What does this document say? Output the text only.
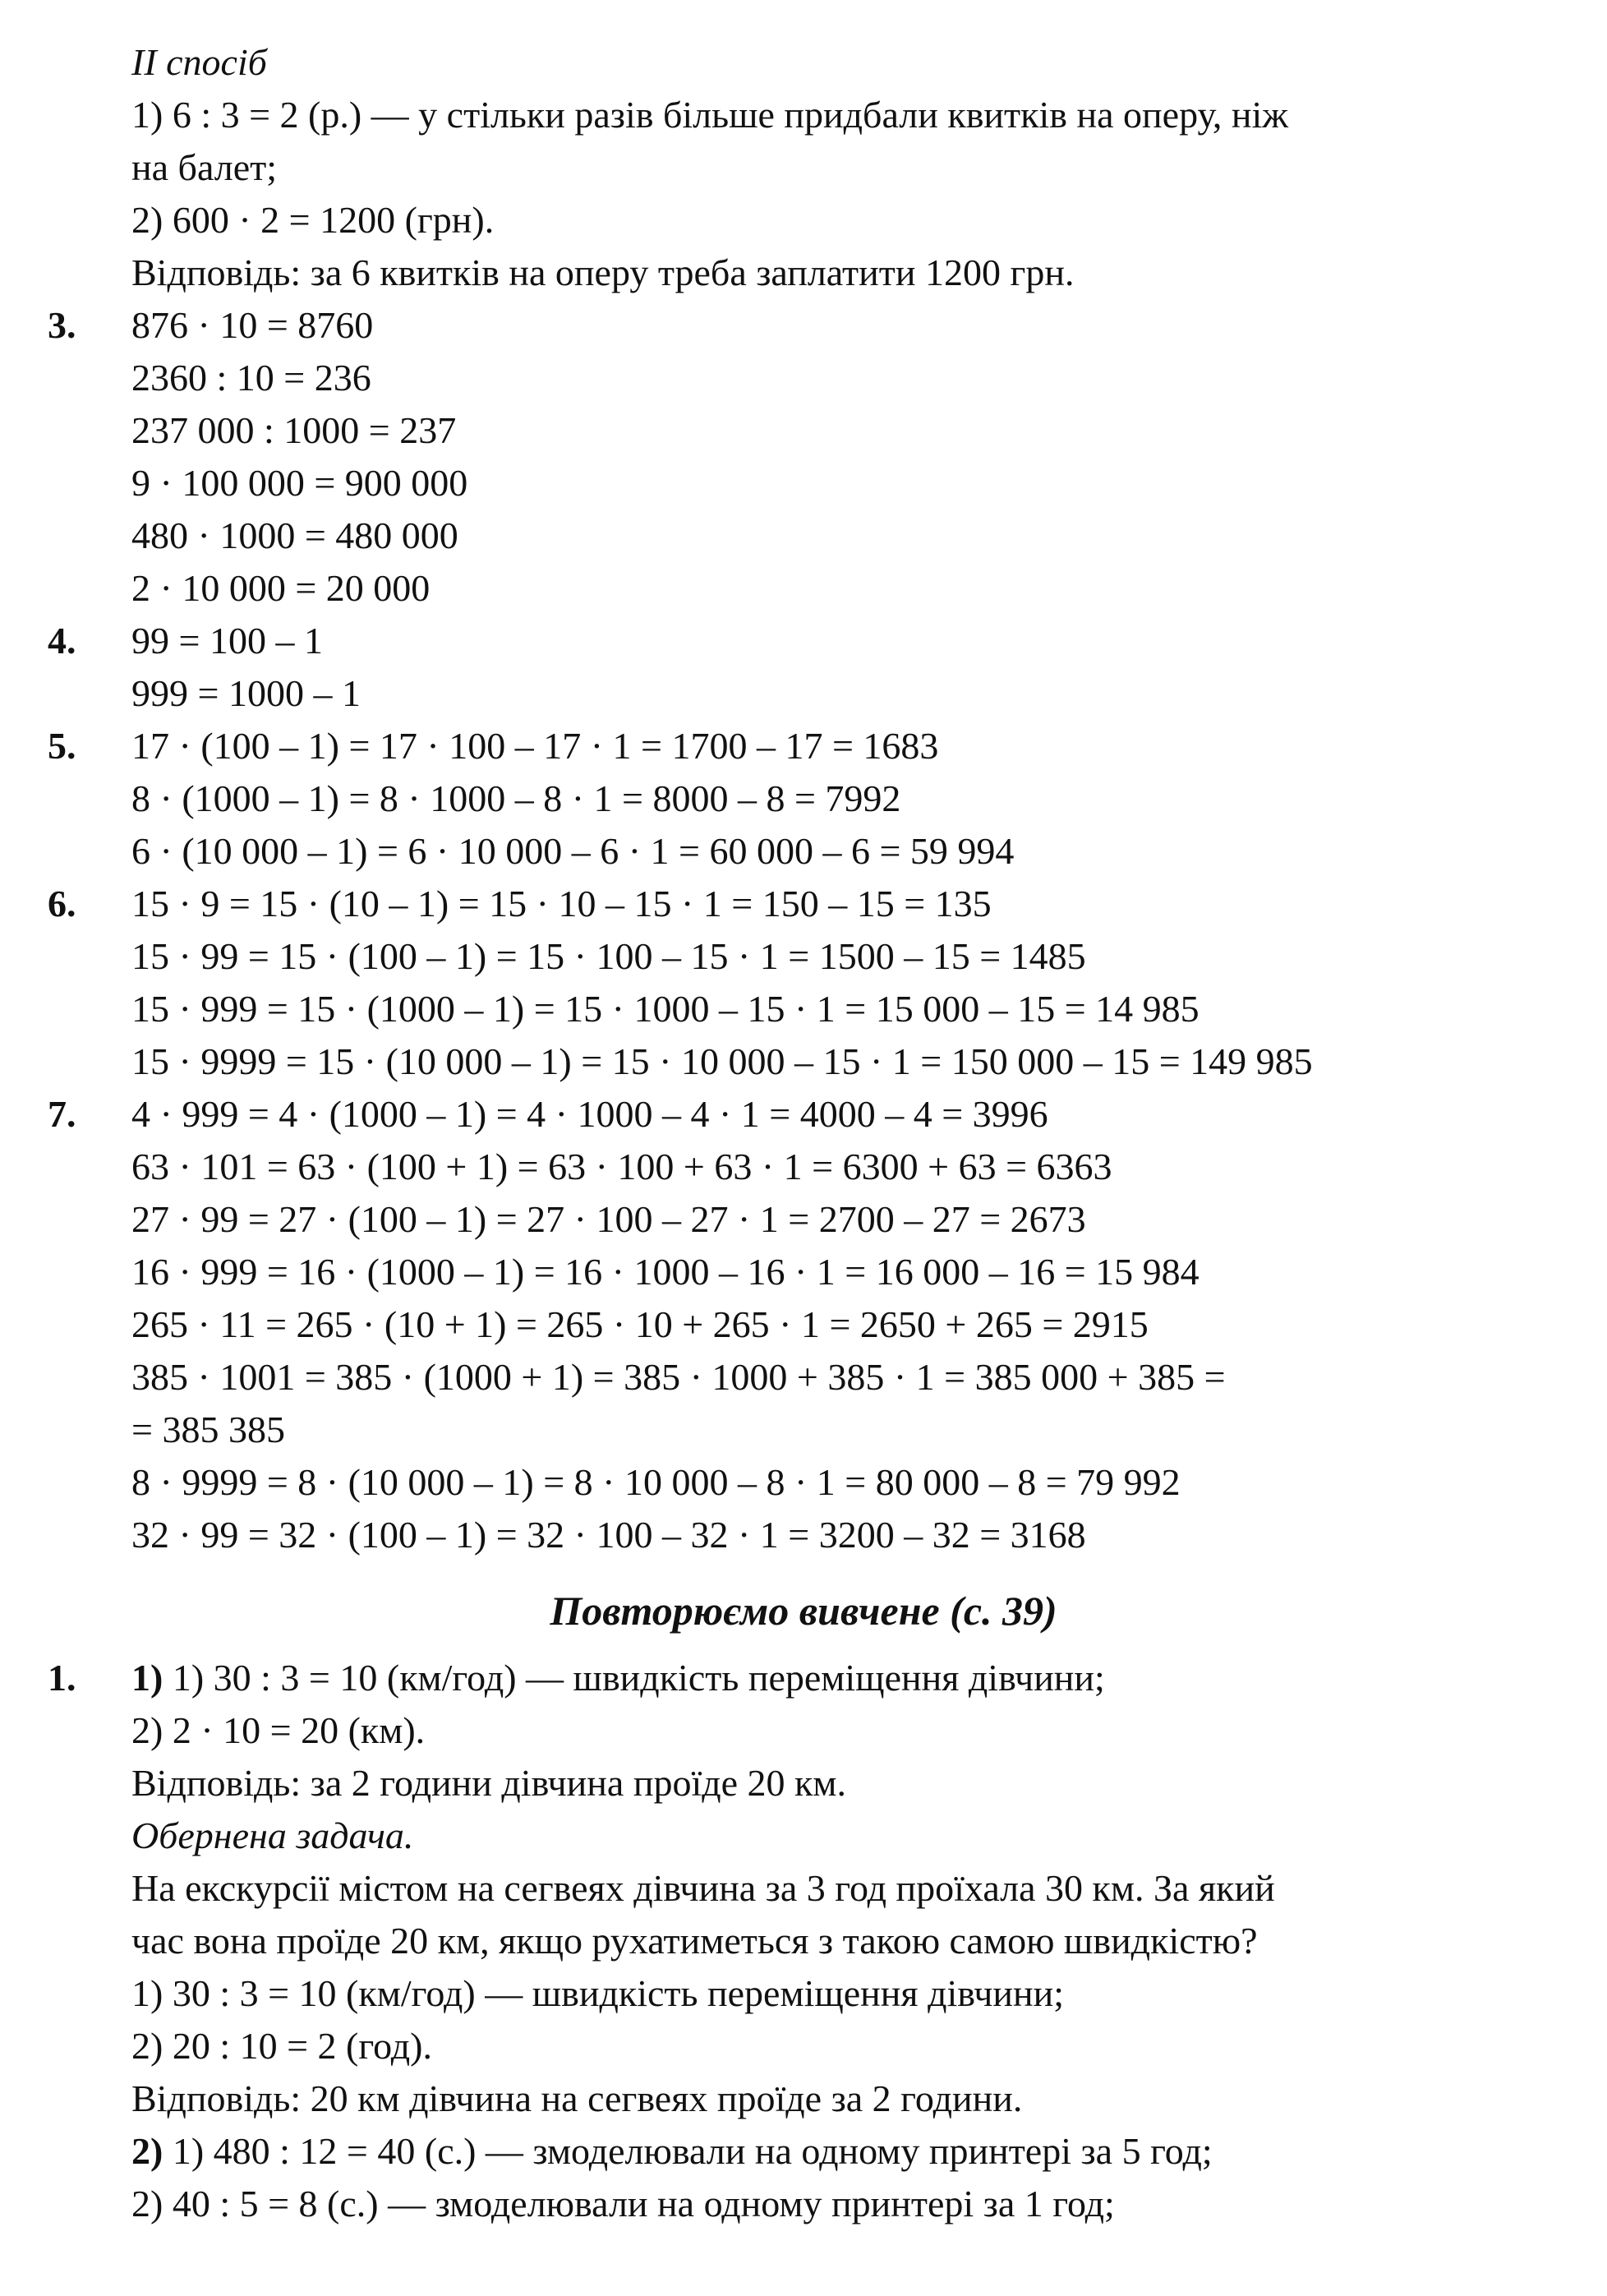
II спосіб
1) 6 : 3 = 2 (р.) — у стільки разів більше придбали квитків на оперу, ніж
на балет;
2) 600 · 2 = 1200 (грн).
Відповідь: за 6 квитків на оперу треба заплатити 1200 грн.
3. 876 · 10 = 8760
2360 : 10 = 236
237 000 : 1000 = 237
9 · 100 000 = 900 000
480 · 1000 = 480 000
2 · 10 000 = 20 000
4. 99 = 100 – 1
999 = 1000 – 1
5. 17 · (100 – 1) = 17 · 100 – 17 · 1 = 1700 – 17 = 1683
8 · (1000 – 1) = 8 · 1000 – 8 · 1 = 8000 – 8 = 7992
6 · (10 000 – 1) = 6 · 10 000 – 6 · 1 = 60 000 – 6 = 59 994
6. 15 · 9 = 15 · (10 – 1) = 15 · 10 – 15 · 1 = 150 – 15 = 135
15 · 99 = 15 · (100 – 1) = 15 · 100 – 15 · 1 = 1500 – 15 = 1485
15 · 999 = 15 · (1000 – 1) = 15 · 1000 – 15 · 1 = 15 000 – 15 = 14 985
15 · 9999 = 15 · (10 000 – 1) = 15 · 10 000 – 15 · 1 = 150 000 – 15 = 149 985
7. 4 · 999 = 4 · (1000 – 1) = 4 · 1000 – 4 · 1 = 4000 – 4 = 3996
63 · 101 = 63 · (100 + 1) = 63 · 100 + 63 · 1 = 6300 + 63 = 6363
27 · 99 = 27 · (100 – 1) = 27 · 100 – 27 · 1 = 2700 – 27 = 2673
16 · 999 = 16 · (1000 – 1) = 16 · 1000 – 16 · 1 = 16 000 – 16 = 15 984
265 · 11 = 265 · (10 + 1) = 265 · 10 + 265 · 1 = 2650 + 265 = 2915
385 · 1001 = 385 · (1000 + 1) = 385 · 1000 + 385 · 1 = 385 000 + 385 =
= 385 385
8 · 9999 = 8 · (10 000 – 1) = 8 · 10 000 – 8 · 1 = 80 000 – 8 = 79 992
32 · 99 = 32 · (100 – 1) = 32 · 100 – 32 · 1 = 3200 – 32 = 3168
Повторюємо вивчене (с. 39)
1. 1) 1) 30 : 3 = 10 (км/год) — швидкість переміщення дівчини;
2) 2 · 10 = 20 (км).
Відповідь: за 2 години дівчина проїде 20 км.
Обернена задача.
На екскурсії містом на сегвеях дівчина за 3 год проїхала 30 км. За який
час вона проїде 20 км, якщо рухатиметься з такою самою швидкістю?
1) 30 : 3 = 10 (км/год) — швидкість переміщення дівчини;
2) 20 : 10 = 2 (год).
Відповідь: 20 км дівчина на сегвеях проїде за 2 години.
2) 1) 480 : 12 = 40 (с.) — змоделювали на одному принтері за 5 год;
2) 40 : 5 = 8 (с.) — змоделювали на одному принтері за 1 год;
